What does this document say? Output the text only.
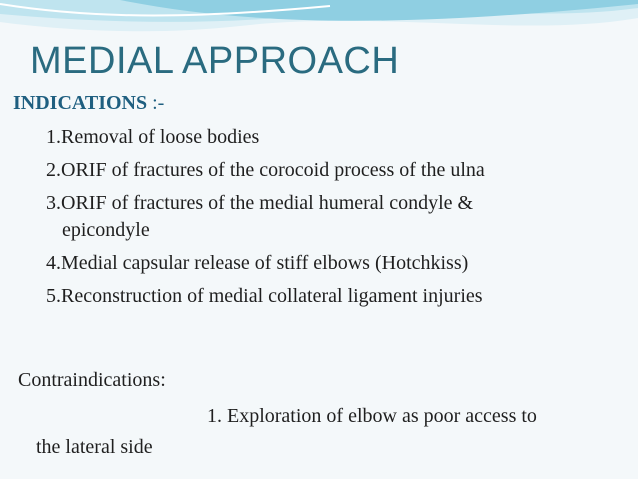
MEDIAL APPROACH
INDICATIONS :-
1.Removal of loose bodies
2.ORIF of fractures of the corocoid process of the ulna
3.ORIF of fractures of the medial humeral condyle &
epicondyle
4.Medial capsular release of stiff elbows (Hotchkiss)
5.Reconstruction of medial collateral ligament injuries
Contraindications:
1. Exploration of elbow as poor access to
the lateral side
